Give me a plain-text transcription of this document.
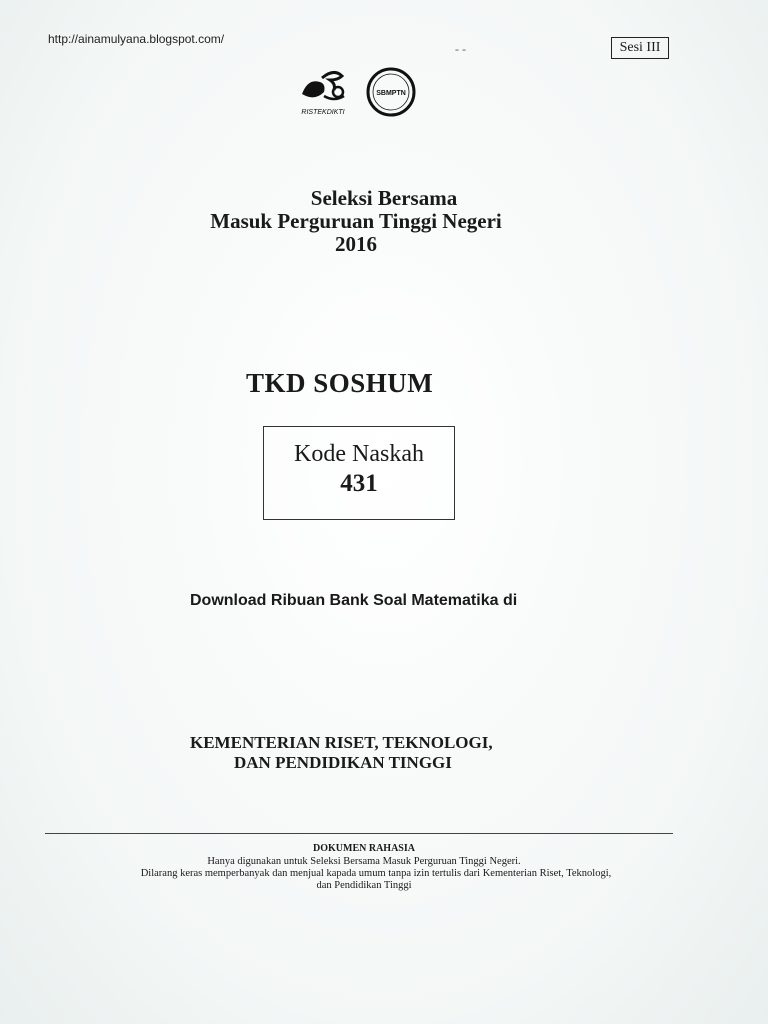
http://ainamulyana.blogspot.com/
- -	Sesi III
RISTEKDIKTI
SBMPTN
Seleksi Bersama
Masuk Perguruan Tinggi Negeri
2016
TKD SOSHUM
Kode Naskah
431
Download Ribuan Bank Soal Matematika di
KEMENTERIAN RISET, TEKNOLOGI,
DAN PENDIDIKAN TINGGI
DOKUMEN RAHASIA
Hanya digunakan untuk Seleksi Bersama Masuk Perguruan Tinggi Negeri.
Dilarang keras memperbanyak dan menjual kapada umum tanpa izin tertulis dari Kementerian Riset, Teknologi,
dan Pendidikan Tinggi
